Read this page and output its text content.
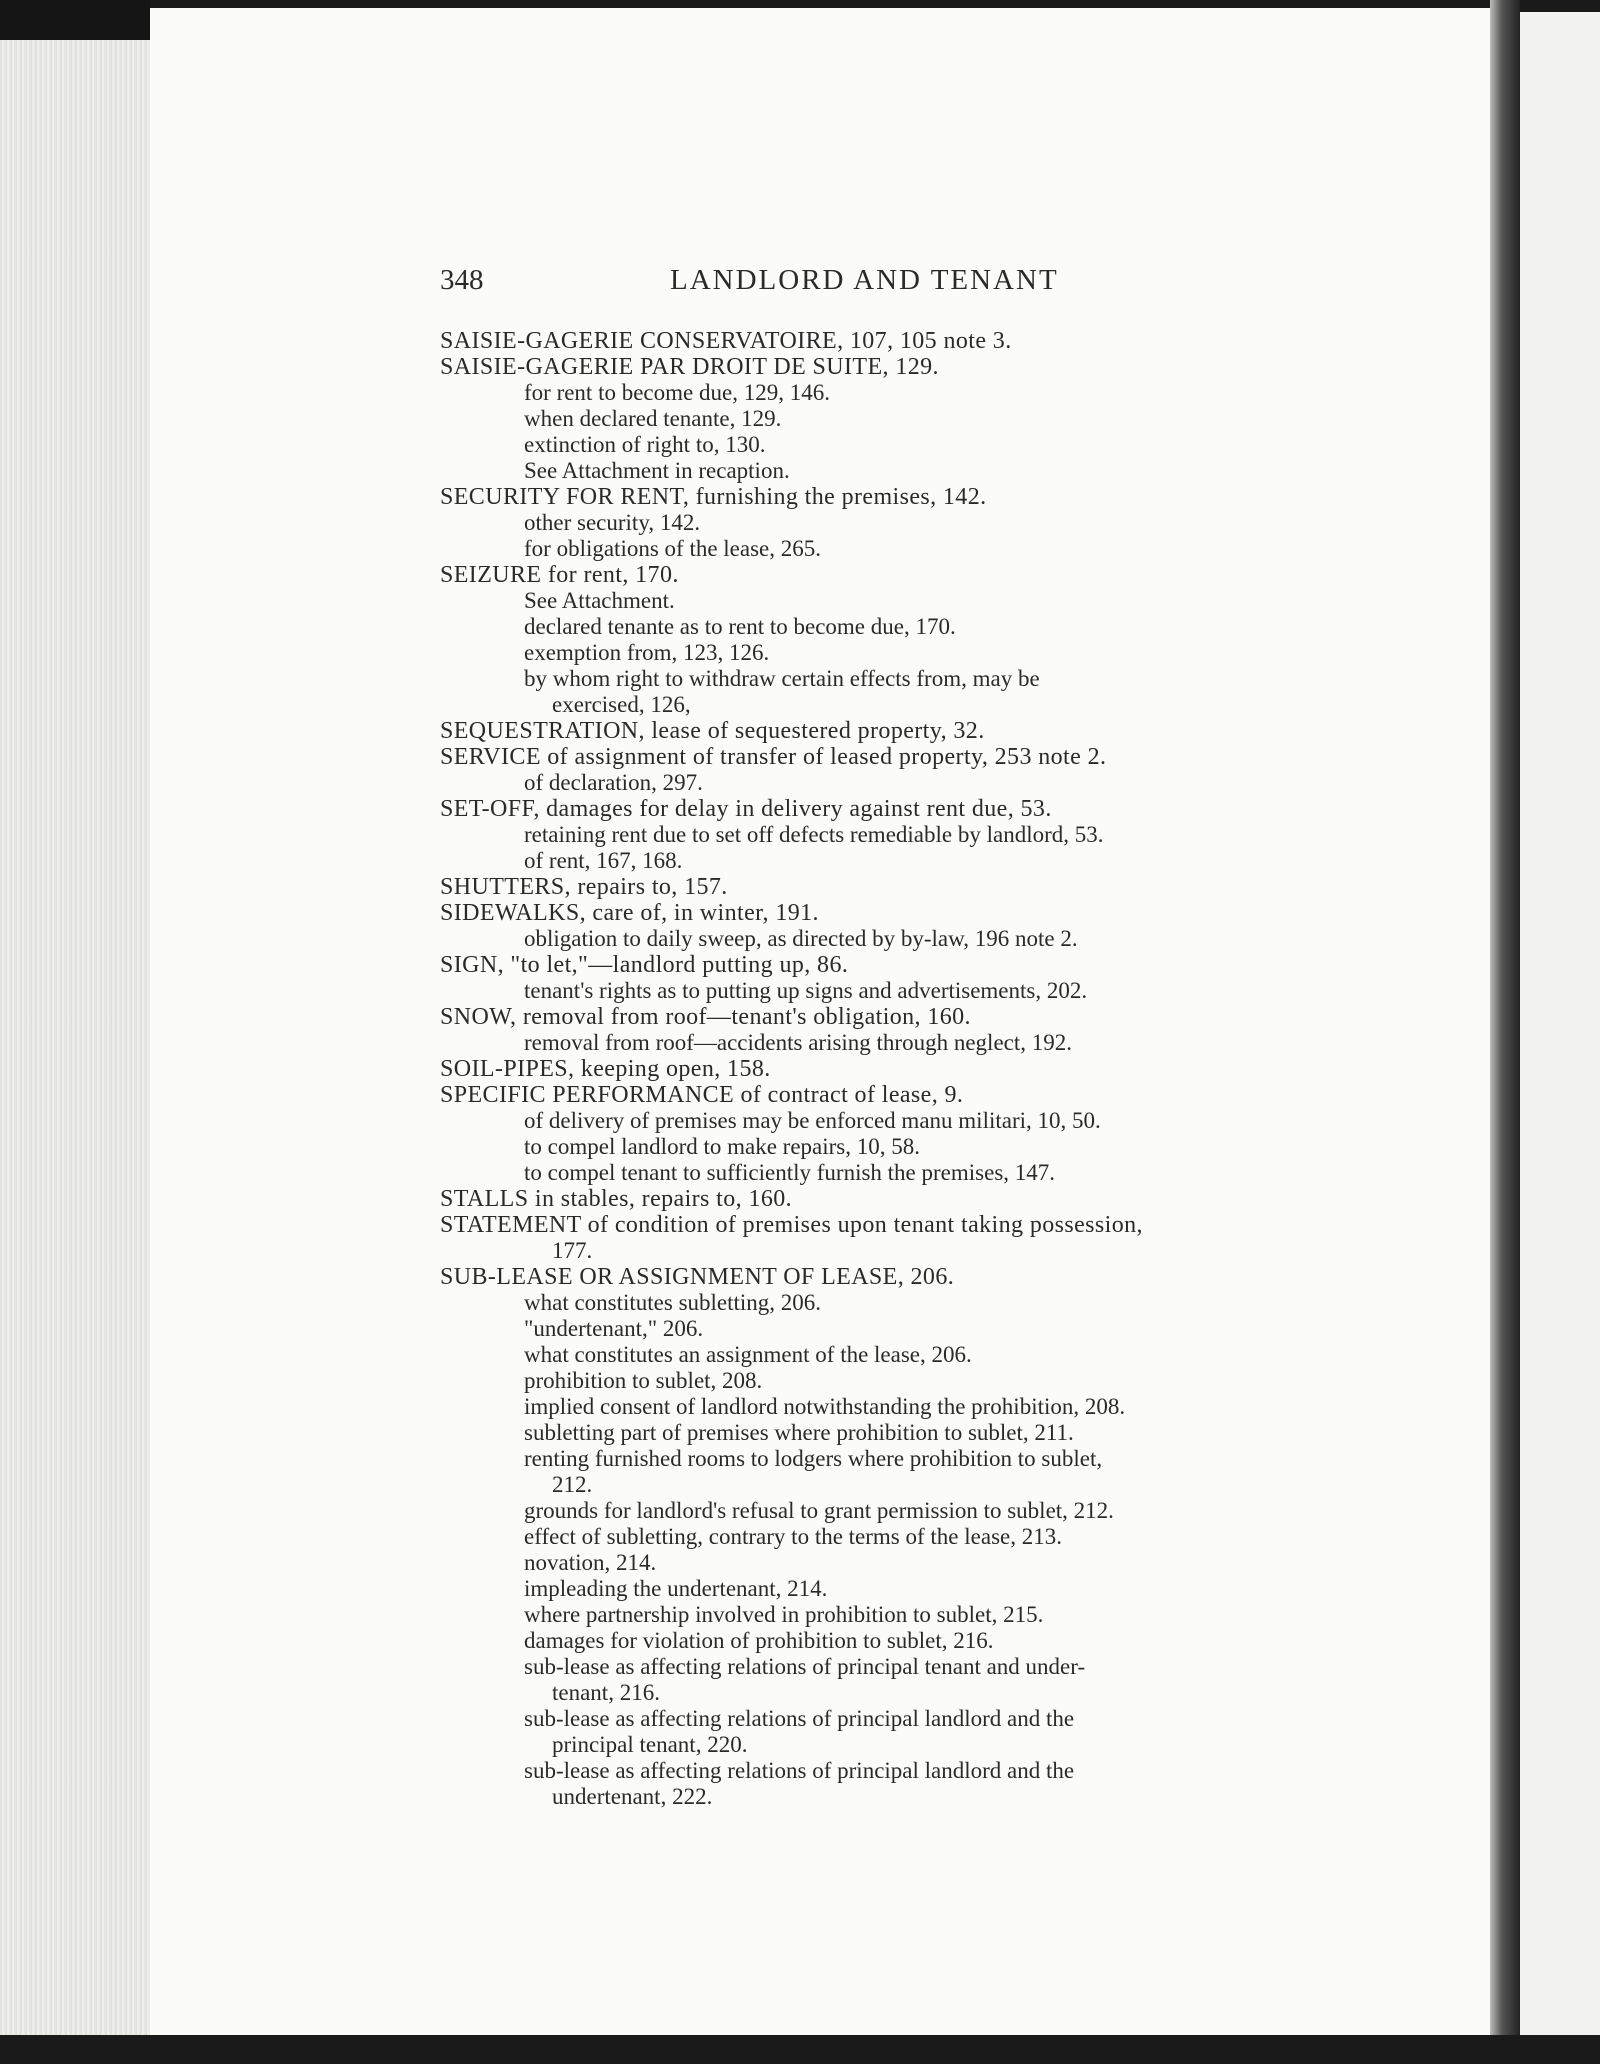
348	LANDLORD AND TENANT
SAISIE-GAGERIE CONSERVATOIRE, 107, 105 note 3.
SAISIE-GAGERIE PAR DROIT DE SUITE, 129.
for rent to become due, 129, 146.
when declared tenante, 129.
extinction of right to, 130.
See Attachment in recaption.
SECURITY FOR RENT, furnishing the premises, 142.
other security, 142.
for obligations of the lease, 265.
SEIZURE for rent, 170.
See Attachment.
declared tenante as to rent to become due, 170.
exemption from, 123, 126.
by whom right to withdraw certain effects from, may be
exercised, 126,
SEQUESTRATION, lease of sequestered property, 32.
SERVICE of assignment of transfer of leased property, 253 note 2.
of declaration, 297.
SET-OFF, damages for delay in delivery against rent due, 53.
retaining rent due to set off defects remediable by landlord, 53.
of rent, 167, 168.
SHUTTERS, repairs to, 157.
SIDEWALKS, care of, in winter, 191.
obligation to daily sweep, as directed by by-law, 196 note 2.
SIGN, "to let,"—landlord putting up, 86.
tenant's rights as to putting up signs and advertisements, 202.
SNOW, removal from roof—tenant's obligation, 160.
removal from roof—accidents arising through neglect, 192.
SOIL-PIPES, keeping open, 158.
SPECIFIC PERFORMANCE of contract of lease, 9.
of delivery of premises may be enforced manu militari, 10, 50.
to compel landlord to make repairs, 10, 58.
to compel tenant to sufficiently furnish the premises, 147.
STALLS in stables, repairs to, 160.
STATEMENT of condition of premises upon tenant taking possession,
177.
SUB-LEASE OR ASSIGNMENT OF LEASE, 206.
what constitutes subletting, 206.
"undertenant," 206.
what constitutes an assignment of the lease, 206.
prohibition to sublet, 208.
implied consent of landlord notwithstanding the prohibition, 208.
subletting part of premises where prohibition to sublet, 211.
renting furnished rooms to lodgers where prohibition to sublet,
212.
grounds for landlord's refusal to grant permission to sublet, 212.
effect of subletting, contrary to the terms of the lease, 213.
novation, 214.
impleading the undertenant, 214.
where partnership involved in prohibition to sublet, 215.
damages for violation of prohibition to sublet, 216.
sub-lease as affecting relations of principal tenant and under-
tenant, 216.
sub-lease as affecting relations of principal landlord and the
principal tenant, 220.
sub-lease as affecting relations of principal landlord and the
undertenant, 222.
